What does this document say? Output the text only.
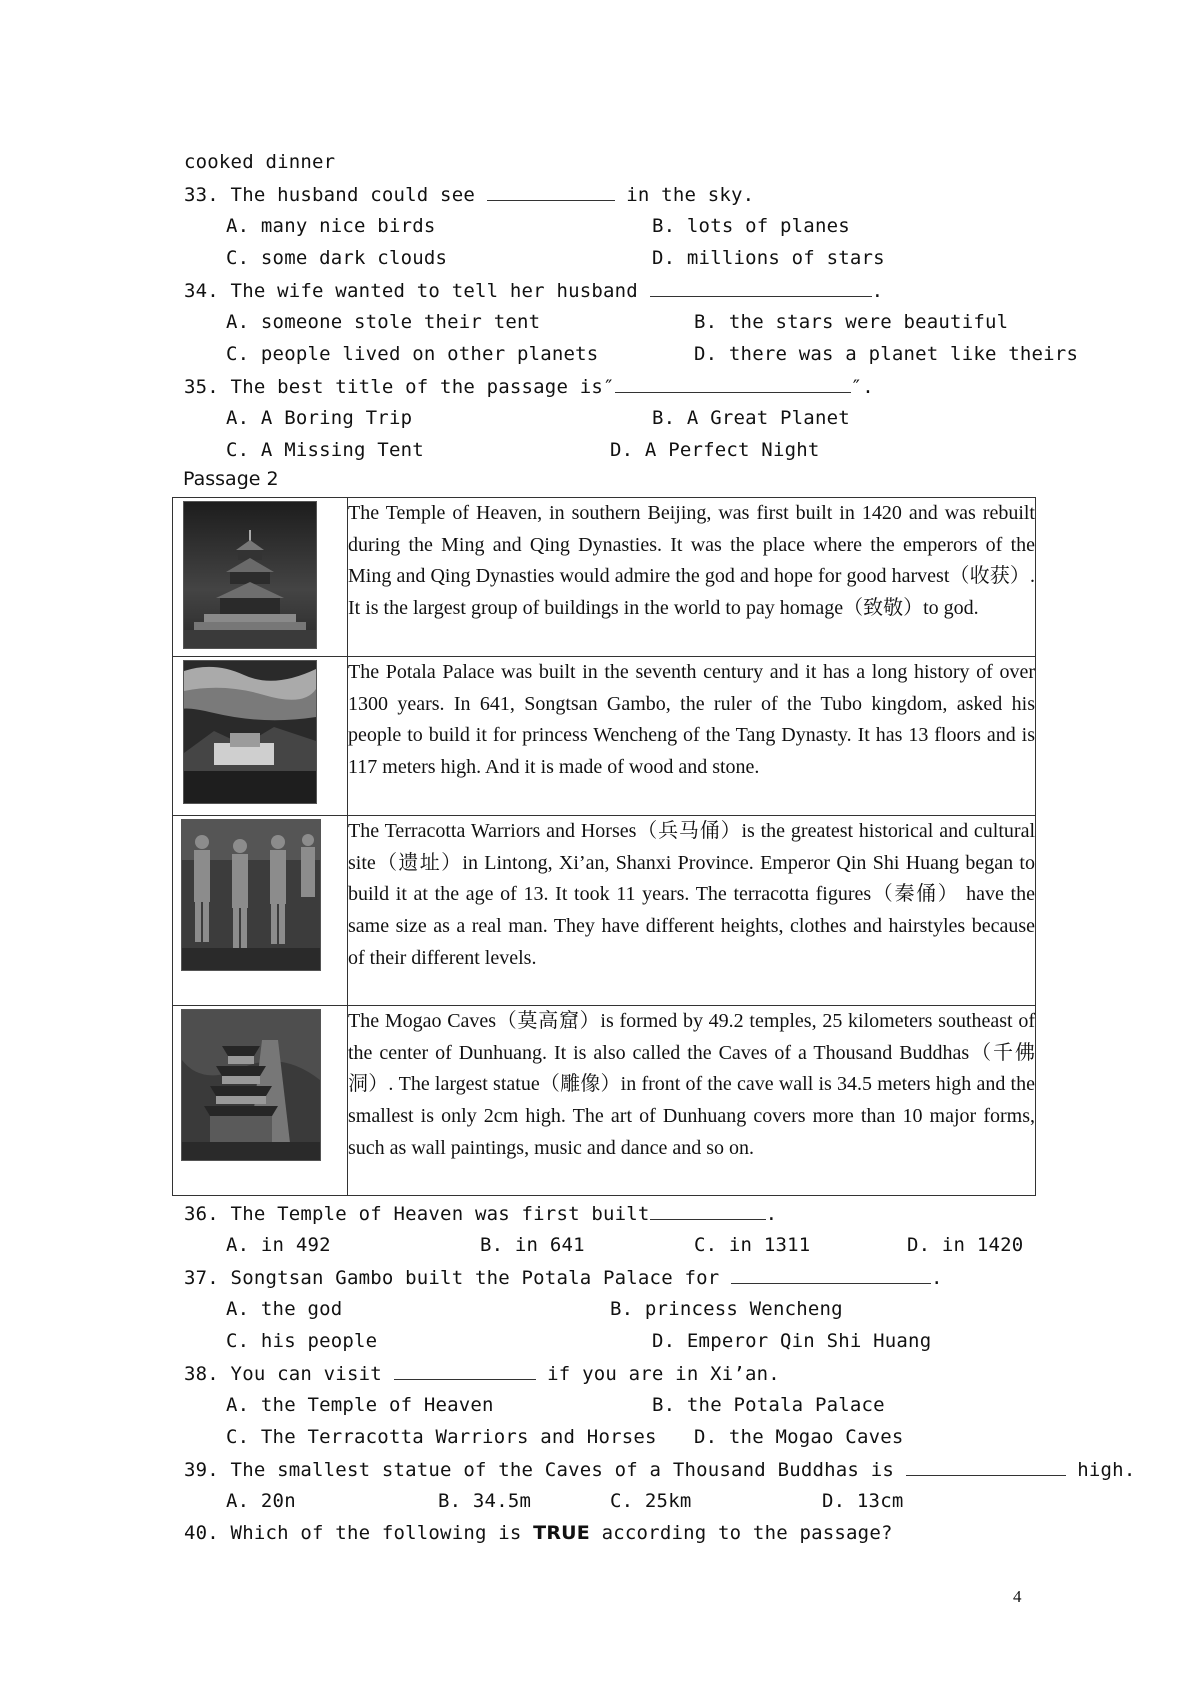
cooked dinner
33. The husband could see	in the sky.
A. many nice birds	B. lots of planes
C. some dark clouds	D. millions of stars
34. The wife wanted to tell her husband	.
A. someone stole their tent	B. the stars were beautiful
C. people lived on other planets	D. there was a planet like theirs
35. The best title of the passage is″	″.
A. A Boring Trip	B. A Great Planet
C. A Missing Tent	D. A Perfect Night
Passage 2
	The Temple of Heaven, in southern Beijing, was first built in 1420 and was rebuilt during the Ming and Qing Dynasties. It was the place where the emperors of the Ming and Qing Dynasties would admire the god and hope for good harvest（收获）. It is the largest group of buildings in the world to pay homage（致敬）to god.

	The Potala Palace was built in the seventh century and it has a long history of over 1300 years. In 641, Songtsan Gambo, the ruler of the Tubo kingdom, asked his people to build it for princess Wencheng of the Tang Dynasty. It has 13 floors and is 117 meters high. And it is made of wood and stone.

	The Terracotta Warriors and Horses（兵马俑）is the greatest historical and cultural site（遗址）in Lintong, Xi’an, Shanxi Province. Emperor Qin Shi Huang began to build it at the age of 13. It took 11 years. The terracotta figures（秦俑） have the same size as a real man. They have different heights, clothes and hairstyles because of their different levels.

	The Mogao Caves（莫高窟）is formed by 49.2 temples, 25 kilometers southeast of the center of Dunhuang. It is also called the Caves of a Thousand Buddhas（千佛洞）. The largest statue（雕像）in front of the cave wall is 34.5 meters high and the smallest is only 2cm high. The art of Dunhuang covers more than 10 major forms, such as wall paintings, music and dance and so on.
36. The Temple of Heaven was first built	.
A. in 492	B. in 641	C. in 1311	D. in 1420
37. Songtsan Gambo built the Potala Palace for	.
A. the god	B. princess Wencheng
C. his people	D. Emperor Qin Shi Huang
38. You can visit	if you are in Xi’an.
A. the Temple of Heaven	B. the Potala Palace
C. The Terracotta Warriors and Horses D. the Mogao Caves
39. The smallest statue of the Caves of a Thousand Buddhas is	high.
A. 20n	B. 34.5m	C. 25km	D. 13cm
40. Which of the following is TRUE according to the passage?
4
